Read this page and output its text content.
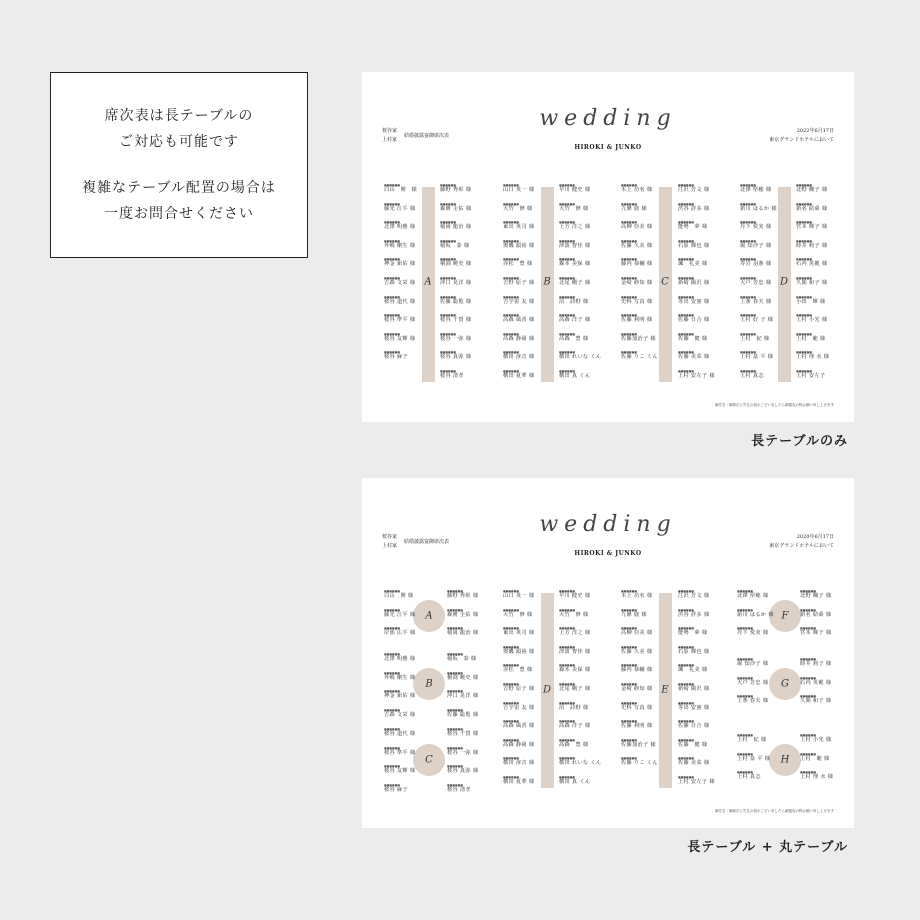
席次表は長テーブルの
ご対応も可能です

複雑なテーブル配置の場合は
一度お問合せください

桜谷家
上村家
結婚披露宴御席次表
wedding
HIROKI & JUNKO
2022年6月17日
東京グランドホテルにおいて
A	B	C	D
■■■■■■
白山　開　様
■■■■■■
藤光 江平 様
■■■■■■
北澤 明雅 様
■■■■■■
外嶋 剛生 様
■■■■■■
押金 新佑 様
■■■■■■
吉森 文栄 様
■■■■■■
桜谷 道代 様
■■■■■■
桜谷 準平 様
■■■■■■
桜谷 友輝 様
■■■■■■
桜谷 麻子
■■■■■■
藤野 秀彰 様
■■■■■■
森實 圭佑 様
■■■■■■
稲岡 龍治 様
■■■■■■
稲坂　泰 様
■■■■■■
桐渕 曉史 様
■■■■■■
沖口 晃洋 様
■■■■■■
佐藤 聡覧 様
■■■■■■
桜谷 千賀 様
■■■■■■
桜谷 一弥 様
■■■■■■
桜谷 真弥 様
■■■■■■
桜谷 清孝
■■■■■■
山口 英一 様
■■■■■■
大竹　修 様
■■■■■■
東出 英司 様
■■■■■■
奥磯 頭裕 様
■■■■■■
赤松　豊 様
■■■■■■
吉野 原子 様
■■■■■■
吉宇宙 友 様
■■■■■■
高森 風香 様
■■■■■■
高森 静岡 様
■■■■■■
横田 淳音 様
■■■■■■
横田 夏華 様
■■■■■■
早川 健史 様
■■■■■■
大竹　修 様
■■■■■■
上方 洋之 様
■■■■■■
津波 智佳 様
■■■■■■
森本 美保 様
■■■■■■
北尾 棚子 様
■■■■■■
沼　詩野 様
■■■■■■
高森 洋子 様
■■■■■■
高森　豊 様
■■■■■■
横田 れいな くん
■■■■■■
横田 真 くん
■■■■■■
木上 功名 様
■■■■■■
九條 鹿 様
■■■■■■
高柳 亞美 様
■■■■■■
佐藤 久美 様
■■■■■■
藤内 恭輔 様
■■■■■■
金崎 紗知 様
■■■■■■
史科 写真 様
■■■■■■
佐藤 利明 様
■■■■■■
佐藤加治子 様
■■■■■■
佐藤 りこ くん
■■■■■■
江沢 芳文 様
■■■■■■
渋谷 詳多 様
■■■■■■
能勢　夢 様
■■■■■■
石原 輝也 様
■■■■■■
颯　礼美 様
■■■■■■
新崎 陽沢 様
■■■■■■
等出 安憲 様
■■■■■■
佐藤 日合 様
■■■■■■
佐藤　健 様
■■■■■■
佐藤 美菜 様
■■■■■■
上村 安左子 様
■■■■■■
北澤 堅穂 様
■■■■■■
新川 はるか 様
■■■■■■
丹下 愛実 様
■■■■■■
堀 知沙子 様
■■■■■■
寿岩 羽条 様
■■■■■■
大戸 芳忠 様
■■■■■■
上条 春夫 様
■■■■■■
上村 好 子 様
■■■■■■
上村　紀 様
■■■■■■
上村 泉 平 様
■■■■■■
上村 真志
■■■■■■
北野 楓子 様
■■■■■■
新名 結乗 様
■■■■■■
宮本 輝子 様
■■■■■■
時井 莉子 様
■■■■■■
石内 英範 様
■■■■■■
久間 和子 様
■■■■■■
小田　輝 様
■■■■■■
上村 小光 様
■■■■■■
上村　範 様
■■■■■■
上村 理 水 様
■■■■■■
上村 安左子
御芳名・御席次に失礼の段がございましたら御寛容の程お願い申し上げます
長テーブルのみ
桜谷家
上村家
結婚披露宴御席次表
wedding
HIROKI & JUNKO
2020年6月17日
東京グランドホテルにおいて
A
B
C
D	E
F
G
H
■■■■■■
白山　開 様
■■■■■■
藤光 江平 様
■■■■■■
岸部 広平 様
■■■■■■
藤野 秀彰 様
■■■■■■
森實 圭佑 様
■■■■■■
稲岡 龍治 様
■■■■■■
北澤 明雅 様
■■■■■■
外嶋 剛生 様
■■■■■■
押金 新佑 様
■■■■■■
吉森 文栄 様
■■■■■■
稲坂　泰 様
■■■■■■
桐渕 曉史 様
■■■■■■
沖口 晃洋 様
■■■■■■
佐藤 聡覧 様
■■■■■■
桜谷 道代 様
■■■■■■
桜谷 準平 様
■■■■■■
桜谷 友輝 様
■■■■■■
桜谷 麻子
■■■■■■
桜谷 千賀 様
■■■■■■
桜谷 一弥 様
■■■■■■
桜谷 真弥 様
■■■■■■
桜谷 清孝
■■■■■■
山口 英一 様
■■■■■■
大竹　修 様
■■■■■■
東出 英司 様
■■■■■■
奥磯 頭裕 様
■■■■■■
赤松　豊 様
■■■■■■
吉野 原子 様
■■■■■■
吉宇宙 友 様
■■■■■■
高森 風香 様
■■■■■■
高森 静岡 様
■■■■■■
横田 淳音 様
■■■■■■
横田 夏華 様
■■■■■■
早川 健史 様
■■■■■■
大竹　修 様
■■■■■■
上方 洋之 様
■■■■■■
津波 智佳 様
■■■■■■
森本 美保 様
■■■■■■
北尾 棚子 様
■■■■■■
沼　詩野 様
■■■■■■
高森 洋子 様
■■■■■■
高森　豊 様
■■■■■■
横田 れいな くん
■■■■■■
横田 真 くん
■■■■■■
木上 功名 様
■■■■■■
九條 鹿 様
■■■■■■
高柳 亞美 様
■■■■■■
佐藤 久美 様
■■■■■■
藤内 恭輔 様
■■■■■■
金崎 紗知 様
■■■■■■
史科 写真 様
■■■■■■
佐藤 利明 様
■■■■■■
佐藤加治子 様
■■■■■■
佐藤 りこ くん
■■■■■■
江沢 芳文 様
■■■■■■
渋谷 詳多 様
■■■■■■
能勢　夢 様
■■■■■■
石原 輝也 様
■■■■■■
颯　礼美 様
■■■■■■
新崎 陽沢 様
■■■■■■
等出 安憲 様
■■■■■■
佐藤 日合 様
■■■■■■
佐藤　健 様
■■■■■■
佐藤 美菜 様
■■■■■■
上村 安左子 様
■■■■■■
北澤 堅穂 様
■■■■■■
新川 はるか 様
■■■■■■
丹下 愛実 様
■■■■■■
北野 楓子 様
■■■■■■
新名 結乗 様
■■■■■■
宮本 輝子 様
■■■■■■
堀 知沙子 様
■■■■■■
大戸 芳忠 様
■■■■■■
上条 春夫 様
■■■■■■
時井 莉子 様
■■■■■■
石内 英範 様
■■■■■■
久間 和子 様
■■■■■■
上村　紀 様
■■■■■■
上村 泉 平 様
■■■■■■
上村 真志
■■■■■■
上村 小光 様
■■■■■■
上村　範 様
■■■■■■
上村 理 水 様
御芳名・御席次に失礼の段がございましたら御寛容の程お願い申し上げます
長テーブル + 丸テーブル
